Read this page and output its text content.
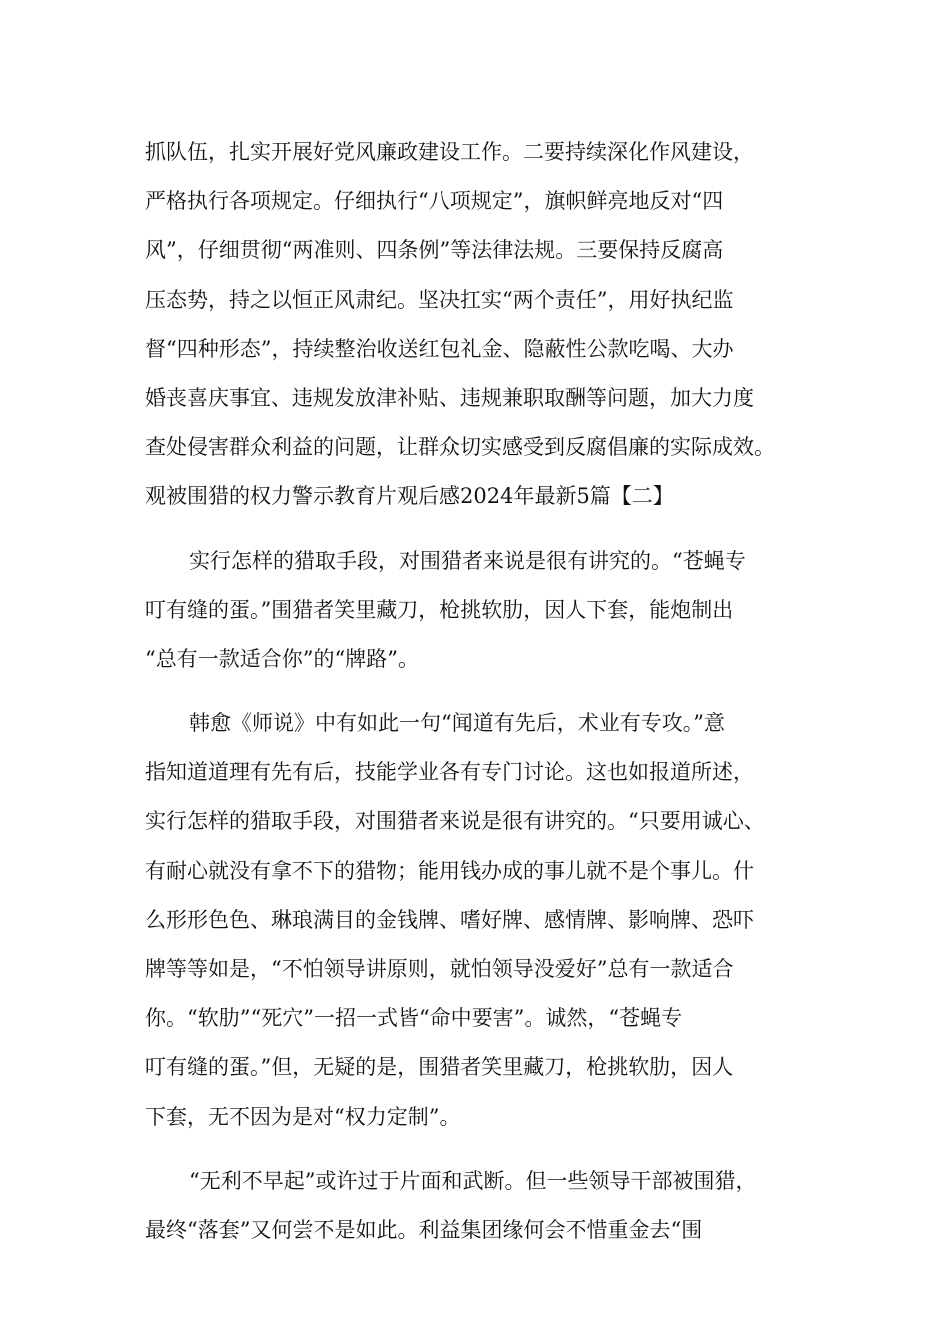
抓队伍，扎实开展好党风廉政建设工作。二要持续深化作风建设，
严格执行各项规定。仔细执行“八项规定”，旗帜鲜亮地反对“四
风”，仔细贯彻“两准则、四条例”等法律法规。三要保持反腐高
压态势，持之以恒正风肃纪。坚决扛实“两个责任”，用好执纪监
督“四种形态”，持续整治收送红包礼金、隐蔽性公款吃喝、大办
婚丧喜庆事宜、违规发放津补贴、违规兼职取酬等问题，加大力度
查处侵害群众利益的问题，让群众切实感受到反腐倡廉的实际成效。
观被围猎的权力警示教育片观后感2024年最新5篇【二】
实行怎样的猎取手段，对围猎者来说是很有讲究的。“苍蝇专
叮有缝的蛋。”围猎者笑里藏刀，枪挑软肋，因人下套，能炮制出
“总有一款适合你”的“牌路”。
韩愈《师说》中有如此一句“闻道有先后，术业有专攻。”意
指知道道理有先有后，技能学业各有专门讨论。这也如报道所述，
实行怎样的猎取手段，对围猎者来说是很有讲究的。“只要用诚心、
有耐心就没有拿不下的猎物；能用钱办成的事儿就不是个事儿。什
么形形色色、琳琅满目的金钱牌、嗜好牌、感情牌、影响牌、恐吓
牌等等如是，“不怕领导讲原则，就怕领导没爱好”总有一款适合
你。“软肋”“死穴”一招一式皆“命中要害”。诚然，“苍蝇专
叮有缝的蛋。”但，无疑的是，围猎者笑里藏刀，枪挑软肋，因人
下套，无不因为是对“权力定制”。
“无利不早起”或许过于片面和武断。但一些领导干部被围猎，
最终“落套”又何尝不是如此。利益集团缘何会不惜重金去“围
